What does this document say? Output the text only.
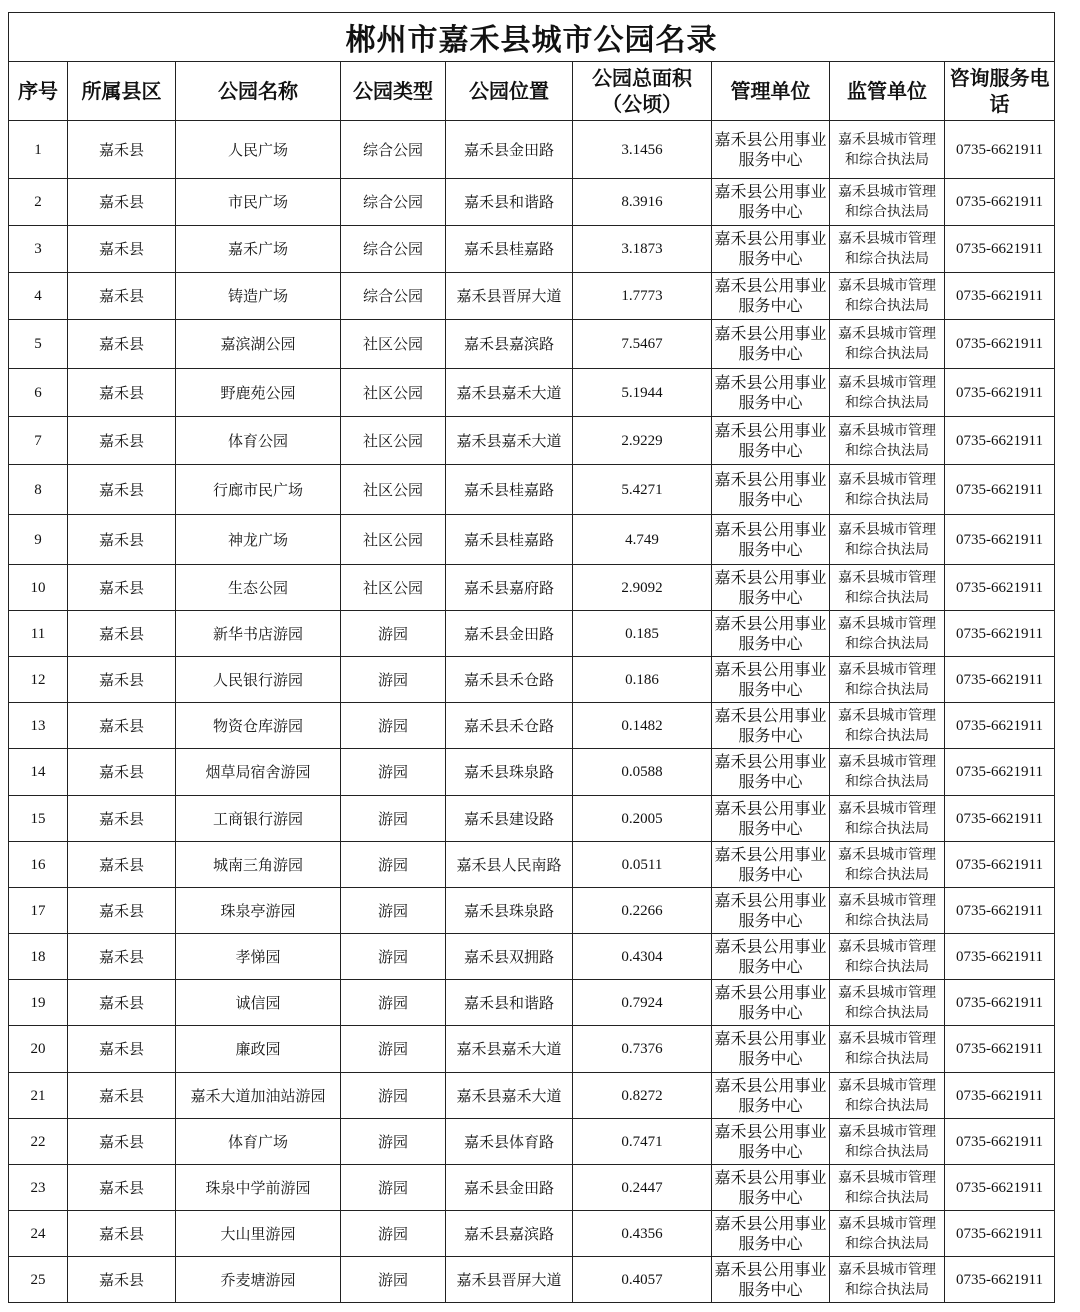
郴州市嘉禾县城市公园名录								
序号	所属县区	公园名称	公园类型	公园位置	公园总面积（公顷）	管理单位	监管单位	咨询服务电话
1	嘉禾县	人民广场	综合公园	嘉禾县金田路	3.1456	嘉禾县公用事业服务中心	嘉禾县城市管理和综合执法局	0735-6621911
2	嘉禾县	市民广场	综合公园	嘉禾县和谐路	8.3916	嘉禾县公用事业服务中心	嘉禾县城市管理和综合执法局	0735-6621911
3	嘉禾县	嘉禾广场	综合公园	嘉禾县桂嘉路	3.1873	嘉禾县公用事业服务中心	嘉禾县城市管理和综合执法局	0735-6621911
4	嘉禾县	铸造广场	综合公园	嘉禾县晋屏大道	1.7773	嘉禾县公用事业服务中心	嘉禾县城市管理和综合执法局	0735-6621911
5	嘉禾县	嘉滨湖公园	社区公园	嘉禾县嘉滨路	7.5467	嘉禾县公用事业服务中心	嘉禾县城市管理和综合执法局	0735-6621911
6	嘉禾县	野鹿苑公园	社区公园	嘉禾县嘉禾大道	5.1944	嘉禾县公用事业服务中心	嘉禾县城市管理和综合执法局	0735-6621911
7	嘉禾县	体育公园	社区公园	嘉禾县嘉禾大道	2.9229	嘉禾县公用事业服务中心	嘉禾县城市管理和综合执法局	0735-6621911
8	嘉禾县	行廊市民广场	社区公园	嘉禾县桂嘉路	5.4271	嘉禾县公用事业服务中心	嘉禾县城市管理和综合执法局	0735-6621911
9	嘉禾县	神龙广场	社区公园	嘉禾县桂嘉路	4.749	嘉禾县公用事业服务中心	嘉禾县城市管理和综合执法局	0735-6621911
10	嘉禾县	生态公园	社区公园	嘉禾县嘉府路	2.9092	嘉禾县公用事业服务中心	嘉禾县城市管理和综合执法局	0735-6621911
11	嘉禾县	新华书店游园	游园	嘉禾县金田路	0.185	嘉禾县公用事业服务中心	嘉禾县城市管理和综合执法局	0735-6621911
12	嘉禾县	人民银行游园	游园	嘉禾县禾仓路	0.186	嘉禾县公用事业服务中心	嘉禾县城市管理和综合执法局	0735-6621911
13	嘉禾县	物资仓库游园	游园	嘉禾县禾仓路	0.1482	嘉禾县公用事业服务中心	嘉禾县城市管理和综合执法局	0735-6621911
14	嘉禾县	烟草局宿舍游园	游园	嘉禾县珠泉路	0.0588	嘉禾县公用事业服务中心	嘉禾县城市管理和综合执法局	0735-6621911
15	嘉禾县	工商银行游园	游园	嘉禾县建设路	0.2005	嘉禾县公用事业服务中心	嘉禾县城市管理和综合执法局	0735-6621911
16	嘉禾县	城南三角游园	游园	嘉禾县人民南路	0.0511	嘉禾县公用事业服务中心	嘉禾县城市管理和综合执法局	0735-6621911
17	嘉禾县	珠泉亭游园	游园	嘉禾县珠泉路	0.2266	嘉禾县公用事业服务中心	嘉禾县城市管理和综合执法局	0735-6621911
18	嘉禾县	孝悌园	游园	嘉禾县双拥路	0.4304	嘉禾县公用事业服务中心	嘉禾县城市管理和综合执法局	0735-6621911
19	嘉禾县	诚信园	游园	嘉禾县和谐路	0.7924	嘉禾县公用事业服务中心	嘉禾县城市管理和综合执法局	0735-6621911
20	嘉禾县	廉政园	游园	嘉禾县嘉禾大道	0.7376	嘉禾县公用事业服务中心	嘉禾县城市管理和综合执法局	0735-6621911
21	嘉禾县	嘉禾大道加油站游园	游园	嘉禾县嘉禾大道	0.8272	嘉禾县公用事业服务中心	嘉禾县城市管理和综合执法局	0735-6621911
22	嘉禾县	体育广场	游园	嘉禾县体育路	0.7471	嘉禾县公用事业服务中心	嘉禾县城市管理和综合执法局	0735-6621911
23	嘉禾县	珠泉中学前游园	游园	嘉禾县金田路	0.2447	嘉禾县公用事业服务中心	嘉禾县城市管理和综合执法局	0735-6621911
24	嘉禾县	大山里游园	游园	嘉禾县嘉滨路	0.4356	嘉禾县公用事业服务中心	嘉禾县城市管理和综合执法局	0735-6621911
25	嘉禾县	乔麦塘游园	游园	嘉禾县晋屏大道	0.4057	嘉禾县公用事业服务中心	嘉禾县城市管理和综合执法局	0735-6621911
